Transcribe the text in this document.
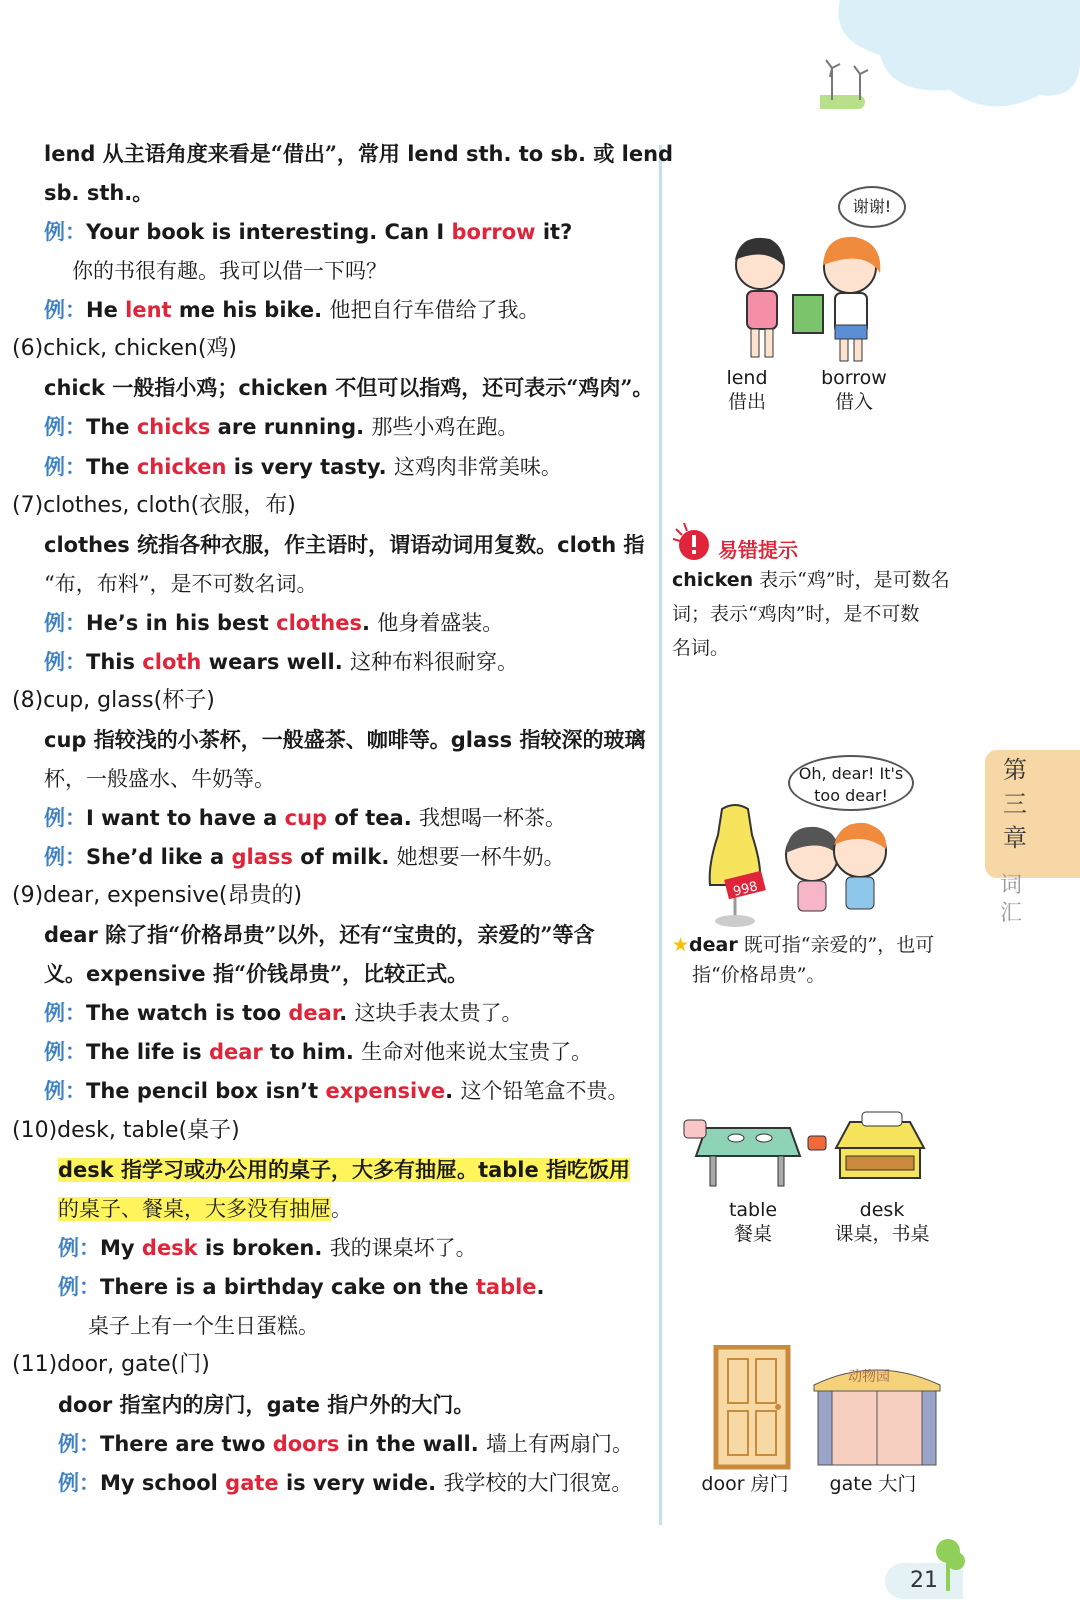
lend 从主语角度来看是“借出”，常用 lend sth. to sb. 或 lend
sb. sth.。
例：Your book is interesting. Can I borrow it?
你的书很有趣。我可以借一下吗？
例：He lent me his bike. 他把自行车借给了我。
(6)chick, chicken(鸡)
chick 一般指小鸡；chicken 不但可以指鸡，还可表示“鸡肉”。
例：The chicks are running. 那些小鸡在跑。
例：The chicken is very tasty. 这鸡肉非常美味。
(7)clothes, cloth(衣服，布)
clothes 统指各种衣服，作主语时，谓语动词用复数。cloth 指
“布，布料”，是不可数名词。
例：He’s in his best clothes. 他身着盛装。
例：This cloth wears well. 这种布料很耐穿。
(8)cup, glass(杯子)
cup 指较浅的小茶杯，一般盛茶、咖啡等。glass 指较深的玻璃
杯，一般盛水、牛奶等。
例：I want to have a cup of tea. 我想喝一杯茶。
例：She’d like a glass of milk. 她想要一杯牛奶。
(9)dear, expensive(昂贵的)
dear 除了指“价格昂贵”以外，还有“宝贵的，亲爱的”等含
义。expensive 指“价钱昂贵”，比较正式。
例：The watch is too dear. 这块手表太贵了。
例：The life is dear to him. 生命对他来说太宝贵了。
例：The pencil box isn’t expensive. 这个铅笔盒不贵。
(10)desk, table(桌子)
desk 指学习或办公用的桌子，大多有抽屉。table 指吃饭用
的桌子、餐桌，大多没有抽屉。
例：My desk is broken. 我的课桌坏了。
例：There is a birthday cake on the table.
桌子上有一个生日蛋糕。
(11)door, gate(门)
door 指室内的房门，gate 指户外的大门。
例：There are two doors in the wall. 墙上有两扇门。
例：My school gate is very wide. 我学校的大门很宽。
谢谢!
lend
借出
borrow
借入
易错提示
chicken 表示“鸡”时，是可数名
词；表示“鸡肉”时，是不可数
名词。
Oh, dear! It's
too dear!
998
★dear 既可指“亲爱的”，也可
指“价格昂贵”。
table
餐桌
desk
课桌，书桌
动物园
door 房门 gate 大门
第
三
章
词
汇
21
